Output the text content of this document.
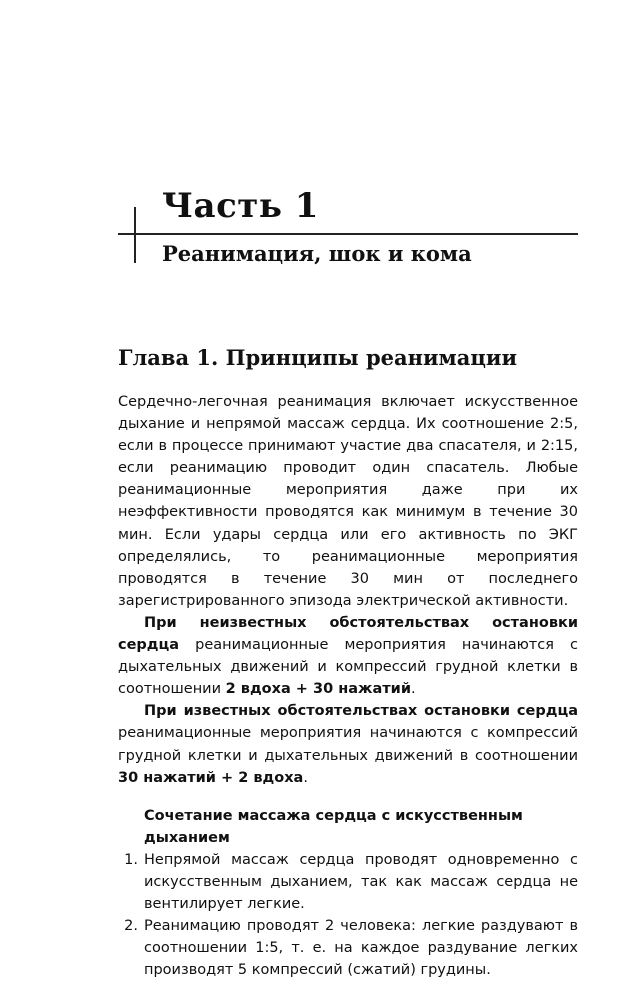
Часть 1
Реанимация, шок и кома
Глава 1. Принципы реанимации

Сердечно-легочная реанимация включает искусственное дыхание и непрямой массаж сердца. Их соотношение 2:5, если в процессе принимают участие два спасателя, и 2:15, если реанимацию проводит один спасатель. Любые реанимационные мероприятия даже при их неэффективности проводятся как минимум в течение 30 мин. Если удары сердца или его активность по ЭКГ определялись, то реанимационные мероприятия проводятся в течение 30 мин от последнего зарегистрированного эпизода электрической активности.

При неизвестных обстоятельствах остановки сердца реанимационные мероприятия начинаются с дыхательных движений и компрессий грудной клетки в соотношении 2 вдоха + 30 нажатий.

При известных обстоятельствах остановки сердца реанимационные мероприятия начинаются с компрессий грудной клетки и дыхательных движений в соотношении 30 нажатий + 2 вдоха.

Сочетание массажа сердца с искусственным дыханием

1. Непрямой массаж сердца проводят одновременно с искусственным дыханием, так как массаж сердца не вентилирует легкие.
2. Реанимацию проводят 2 человека: легкие раздувают в соотношении 1:5, т. е. на каждое раздувание легких производят 5 компрессий (сжатий) грудины.
